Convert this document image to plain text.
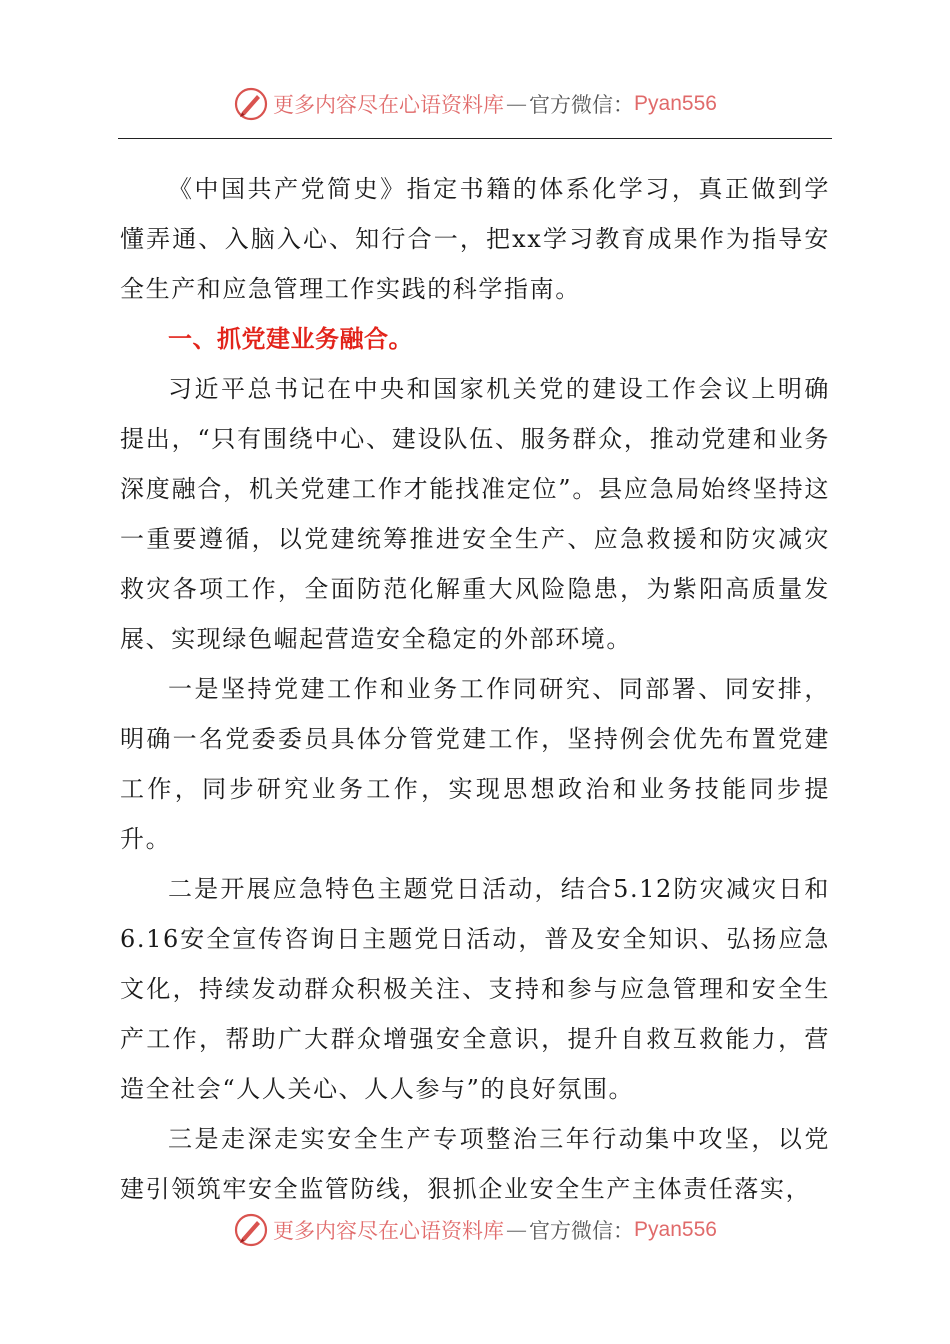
更多内容尽在心语资料库 — 官方微信： Pyan556

《中国共产党简史》指定书籍的体系化学习，真正做到学懂弄通、入脑入心、知行合一，把xx学习教育成果作为指导安全生产和应急管理工作实践的科学指南。

一、抓党建业务融合。

习近平总书记在中央和国家机关党的建设工作会议上明确提出，“只有围绕中心、建设队伍、服务群众，推动党建和业务深度融合，机关党建工作才能找准定位”。县应急局始终坚持这一重要遵循，以党建统筹推进安全生产、应急救援和防灾减灾救灾各项工作，全面防范化解重大风险隐患，为紫阳高质量发展、实现绿色崛起营造安全稳定的外部环境。

一是坚持党建工作和业务工作同研究、同部署、同安排，明确一名党委委员具体分管党建工作，坚持例会优先布置党建工作，同步研究业务工作，实现思想政治和业务技能同步提升。

二是开展应急特色主题党日活动，结合5.12防灾减灾日和6.16安全宣传咨询日主题党日活动，普及安全知识、弘扬应急文化，持续发动群众积极关注、支持和参与应急管理和安全生产工作，帮助广大群众增强安全意识，提升自救互救能力，营造全社会“人人关心、人人参与”的良好氛围。

三是走深走实安全生产专项整治三年行动集中攻坚，以党建引领筑牢安全监管防线，狠抓企业安全生产主体责任落实，

更多内容尽在心语资料库 — 官方微信： Pyan556
